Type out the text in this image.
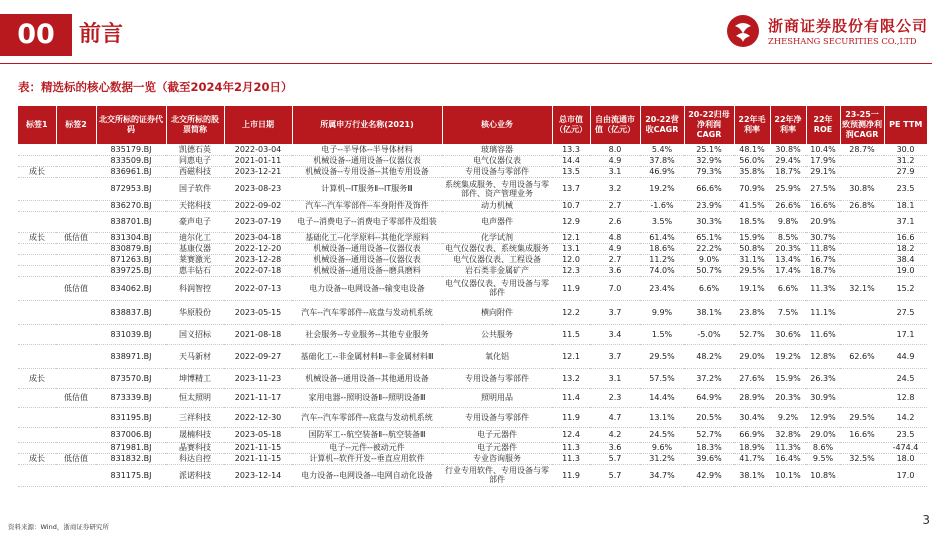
00	前言	浙商证券股份有限公司
ZHESHANG SECURITIES CO.,LTD
表：精选标的核心数据一览（截至2024年2月20日）
标签1	标签2	北交所标的证券代码	北交所标的股票简称	上市日期	所属申万行业名称(2021)	核心业务	总市值（亿元）	自由流通市值（亿元）	20-22营收CAGR	20-22归母净利润CAGR	22年毛利率	22年净利率	22年ROE	23-25一致预测净利润CAGR	PE TTM
		835179.BJ	凯德石英	2022-03-04	电子--半导体--半导体材料	玻璃容器	13.3	8.0	5.4%	25.1%	48.1%	30.8%	10.4%	28.7%	30.0
		833509.BJ	同惠电子	2021-01-11	机械设备--通用设备--仪器仪表	电气仪器仪表	14.4	4.9	37.8%	32.9%	56.0%	29.4%	17.9%		31.2
成长		836961.BJ	西磁科技	2023-12-21	机械设备--专用设备--其他专用设备	专用设备与零部件	13.5	3.1	46.9%	79.3%	35.8%	18.7%	29.1%		27.9
		872953.BJ	国子软件	2023-08-23	计算机--IT服务Ⅱ--IT服务Ⅲ	系统集成服务、专用设备与零部件、资产管理业务	13.7	3.2	19.2%	66.6%	70.9%	25.9%	27.5%	30.8%	23.5
		836270.BJ	天铭科技	2022-09-02	汽车--汽车零部件--车身附件及饰件	动力机械	10.7	2.7	-1.6%	23.9%	41.5%	26.6%	16.6%	26.8%	18.1
		838701.BJ	豪声电子	2023-07-19	电子--消费电子--消费电子零部件及组装	电声器件	12.9	2.6	3.5%	30.3%	18.5%	9.8%	20.9%		37.1
成长	低估值	831304.BJ	迪尔化工	2023-04-18	基础化工--化学原料--其他化学原料	化学试剂	12.1	4.8	61.4%	65.1%	15.9%	8.5%	30.7%		16.6
		830879.BJ	基康仪器	2022-12-20	机械设备--通用设备--仪器仪表	电气仪器仪表、系统集成服务	13.1	4.9	18.6%	22.2%	50.8%	20.3%	11.8%		18.2
		871263.BJ	莱赛激光	2023-12-28	机械设备--通用设备--仪器仪表	电气仪器仪表、工程设备	12.0	2.7	11.2%	9.0%	31.1%	13.4%	16.7%		38.4
		839725.BJ	惠丰钻石	2022-07-18	机械设备--通用设备--磨具磨料	岩石类非金属矿产	12.3	3.6	74.0%	50.7%	29.5%	17.4%	18.7%		19.0
	低估值	834062.BJ	科润智控	2022-07-13	电力设备--电网设备--输变电设备	电气仪器仪表、专用设备与零部件	11.9	7.0	23.4%	6.6%	19.1%	6.6%	11.3%	32.1%	15.2
		838837.BJ	华原股份	2023-05-15	汽车--汽车零部件--底盘与发动机系统	横向附件	12.2	3.7	9.9%	38.1%	23.8%	7.5%	11.1%		27.5
		831039.BJ	国义招标	2021-08-18	社会服务--专业服务--其他专业服务	公共服务	11.5	3.4	1.5%	-5.0%	52.7%	30.6%	11.6%		17.1
		838971.BJ	天马新材	2022-09-27	基础化工--非金属材料Ⅱ--非金属材料Ⅲ	氧化铝	12.1	3.7	29.5%	48.2%	29.0%	19.2%	12.8%	62.6%	44.9
成长		873570.BJ	坤博精工	2023-11-23	机械设备--通用设备--其他通用设备	专用设备与零部件	13.2	3.1	57.5%	37.2%	27.6%	15.9%	26.3%		24.5
	低估值	873339.BJ	恒太照明	2021-11-17	家用电器--照明设备Ⅱ--照明设备Ⅲ	照明用品	11.4	2.3	14.4%	64.9%	28.9%	20.3%	30.9%		12.8
		831195.BJ	三祥科技	2022-12-30	汽车--汽车零部件--底盘与发动机系统	专用设备与零部件	11.9	4.7	13.1%	20.5%	30.4%	9.2%	12.9%	29.5%	14.2
		837006.BJ	晟楠科技	2023-05-18	国防军工--航空装备Ⅱ--航空装备Ⅲ	电子元器件	12.4	4.2	24.5%	52.7%	66.9%	32.8%	29.0%	16.6%	23.5
		871981.BJ	晶赛科技	2021-11-15	电子--元件--被动元件	电子元器件	11.3	3.6	9.6%	18.3%	18.9%	11.3%	8.6%		-474.4
成长	低估值	831832.BJ	科达自控	2021-11-15	计算机--软件开发--垂直应用软件	专业咨询服务	11.3	5.7	31.2%	39.6%	41.7%	16.4%	9.5%	32.5%	18.0
		831175.BJ	派诺科技	2023-12-14	电力设备--电网设备--电网自动化设备	行业专用软件、专用设备与零部件	11.9	5.7	34.7%	42.9%	38.1%	10.1%	10.8%		17.0
资料来源：Wind，浙商证券研究所	3
